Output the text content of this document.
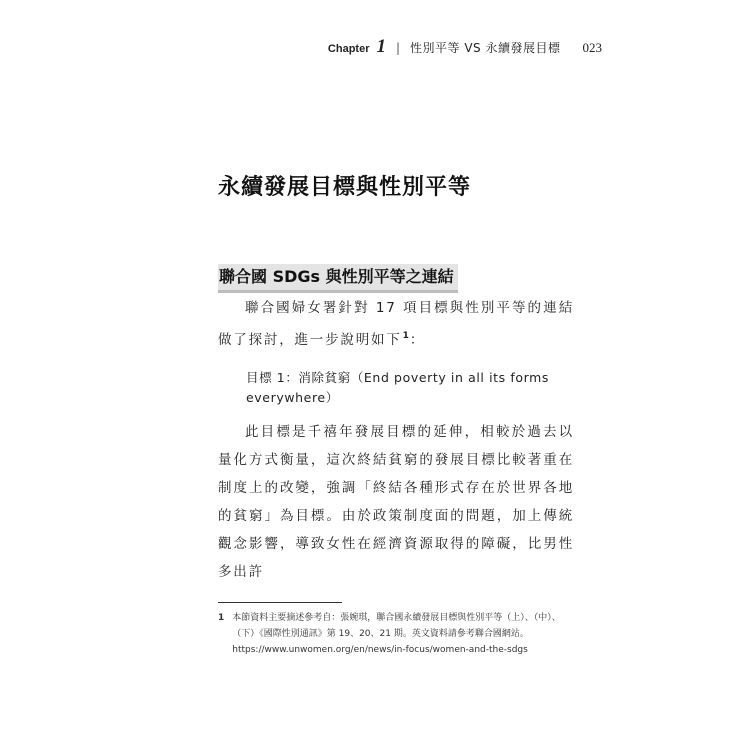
Chapter 1 | 性別平等 VS 永續發展目標 023
永續發展目標與性別平等
聯合國 SDGs 與性別平等之連結

聯合國婦女署針對 17 項目標與性別平等的連結做了探討，進一步說明如下$^1$：

目標 1：消除貧窮（End poverty in all its forms everywhere）

此目標是千禧年發展目標的延伸，相較於過去以量化方式衡量，這次終結貧窮的發展目標比較著重在制度上的改變，強調「終結各種形式存在於世界各地的貧窮」為目標。由於政策制度面的問題，加上傳統觀念影響，導致女性在經濟資源取得的障礙，比男性多出許

1 本節資料主要摘述參考自：張婉琪，聯合國永續發展目標與性別平等（上）、（中）、（下）《國際性別通訊》第 19、20、21 期。英文資料請參考聯合國網站。https://www.unwomen.org/en/news/in-focus/women-and-the-sdgs
